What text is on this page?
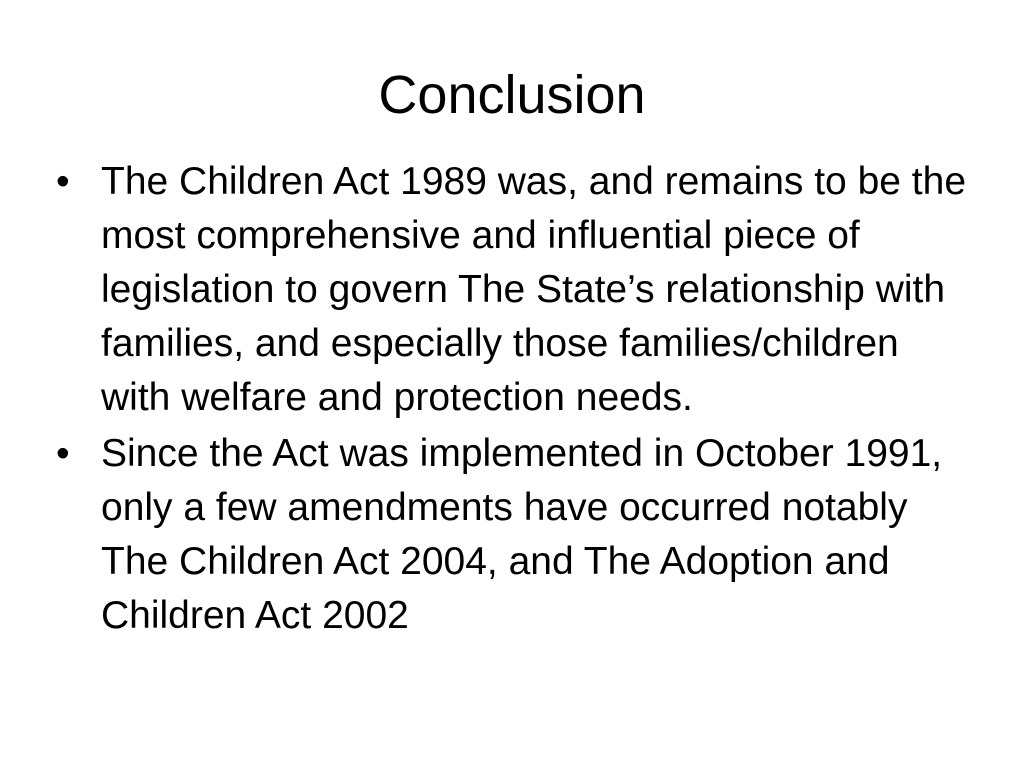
Conclusion
• The Children Act 1989 was, and remains to be the most comprehensive and influential piece of legislation to govern The State’s relationship with families, and especially those families/children with welfare and protection needs.
• Since the Act was implemented in October 1991, only a few amendments have occurred notably The Children Act 2004, and The Adoption and Children Act 2002
